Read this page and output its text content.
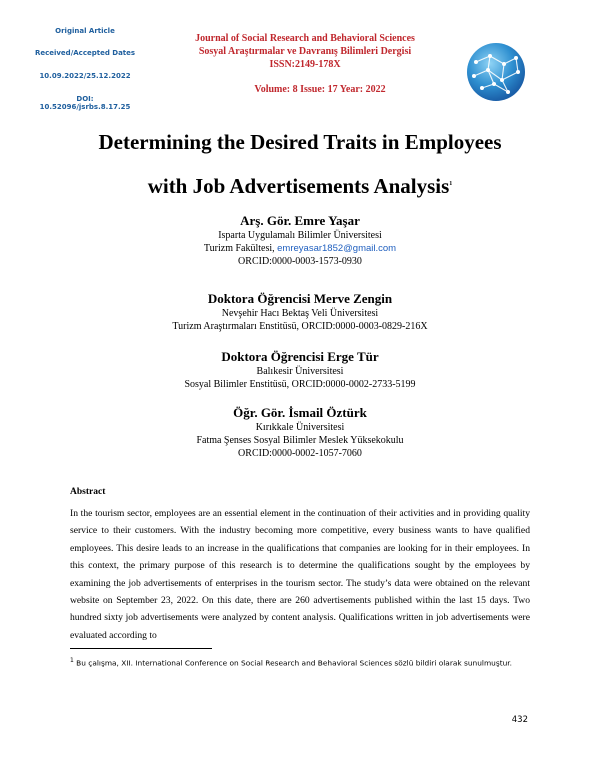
Original Article
Received/Accepted Dates
10.09.2022/25.12.2022
DOI: 10.52096/jsrbs.8.17.25
Journal of Social Research and Behavioral Sciences
Sosyal Araştırmalar ve Davranış Bilimleri Dergisi
ISSN:2149-178X
Volume: 8 Issue: 17 Year: 2022
Determining the Desired Traits in Employees
with Job Advertisements Analysis$^1$
Arş. Gör. Emre Yaşar
Isparta Uygulamalı Bilimler Üniversitesi
Turizm Fakültesi, emreyasar1852@gmail.com
ORCID:0000-0003-1573-0930
Doktora Öğrencisi Merve Zengin
Nevşehir Hacı Bektaş Veli Üniversitesi
Turizm Araştırmaları Enstitüsü, ORCID:0000-0003-0829-216X
Doktora Öğrencisi Erge Tür
Balıkesir Üniversitesi
Sosyal Bilimler Enstitüsü, ORCID:0000-0002-2733-5199
Öğr. Gör. İsmail Öztürk
Kırıkkale Üniversitesi
Fatma Şenses Sosyal Bilimler Meslek Yüksekokulu
ORCID:0000-0002-1057-7060
Abstract
In the tourism sector, employees are an essential element in the continuation of their activities and in providing quality service to their customers. With the industry becoming more competitive, every business wants to have qualified employees. This desire leads to an increase in the qualifications that companies are looking for in their employees. In this context, the primary purpose of this research is to determine the qualifications sought by the employees by examining the job advertisements of enterprises in the tourism sector. The study’s data were obtained on the relevant website on September 23, 2022. On this date, there are 260 advertisements published within the last 15 days. Two hundred sixty job advertisements were analyzed by content analysis. Qualifications written in job advertisements were evaluated according to
$^1$ Bu çalışma, XII. International Conference on Social Research and Behavioral Sciences sözlü bildiri olarak sunulmuştur.
432
